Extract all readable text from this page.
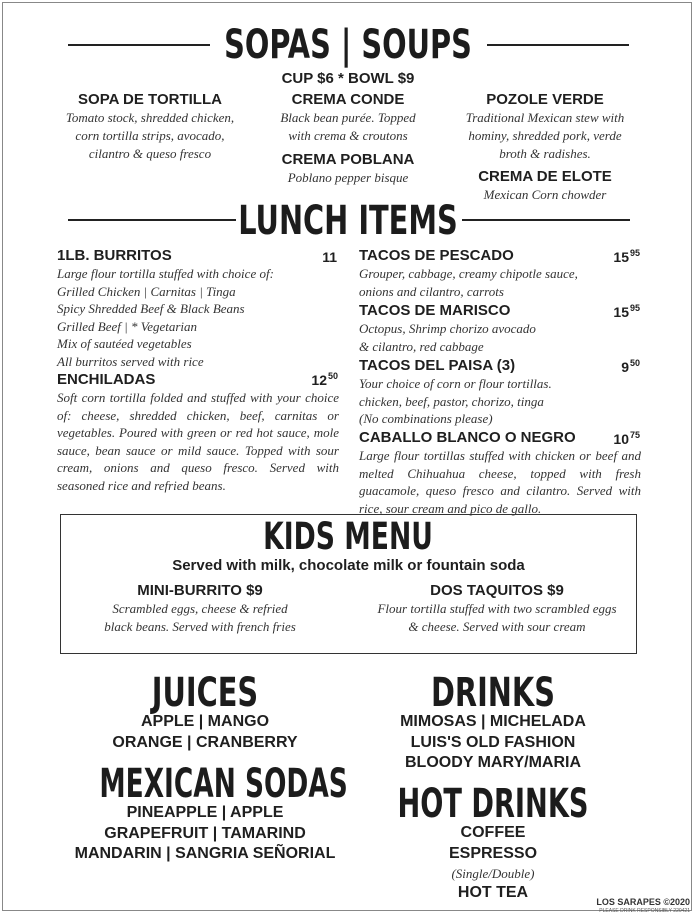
SOPAS | SOUPS
CUP $6 * BOWL $9
SOPA DE TORTILLA
Tomato stock, shredded chicken, corn tortilla strips, avocado, cilantro & queso fresco
CREMA CONDE
Black bean purée. Topped with crema & croutons
CREMA POBLANA
Poblano pepper bisque
POZOLE VERDE
Traditional Mexican stew with hominy, shredded pork, verde broth & radishes.
CREMA DE ELOTE
Mexican Corn chowder
LUNCH ITEMS
1LB. BURRITOS	11
Large flour tortilla stuffed with choice of:
Grilled Chicken | Carnitas | Tinga
Spicy Shredded Beef & Black Beans
Grilled Beef | * Vegetarian
Mix of sautéed vegetables
All burritos served with rice
ENCHILADAS	$12^{50}$
Soft corn tortilla folded and stuffed with your choice of: cheese, shredded chicken, beef, carnitas or vegetables. Poured with green or red hot sauce, mole sauce, bean sauce or mild sauce. Topped with sour cream, onions and queso fresco. Served with seasoned rice and refried beans.
TACOS DE PESCADO	$15^{95}$
Grouper, cabbage, creamy chipotle sauce,
onions and cilantro, carrots
TACOS DE MARISCO	$15^{95}$
Octopus, Shrimp chorizo avocado
& cilantro, red cabbage
TACOS DEL PAISA (3)	$9^{50}$
Your choice of corn or flour tortillas.
chicken, beef, pastor, chorizo, tinga
(No combinations please)
CABALLO BLANCO O NEGRO	$10^{75}$
Large flour tortillas stuffed with chicken or beef and melted Chihuahua cheese, topped with fresh guacamole, queso fresco and cilantro. Served with rice, sour cream and pico de gallo.
KIDS MENU
Served with milk, chocolate milk or fountain soda
MINI-BURRITO $9
Scrambled eggs, cheese & refried
black beans. Served with french fries
DOS TAQUITOS $9
Flour tortilla stuffed with two scrambled eggs
& cheese. Served with sour cream
JUICES
APPLE | MANGO
ORANGE | CRANBERRY
MEXICAN SODAS
PINEAPPLE | APPLE
GRAPEFRUIT | TAMARIND
MANDARIN | SANGRIA SEÑORIAL
DRINKS
MIMOSAS | MICHELADA
LUIS'S OLD FASHION
BLOODY MARY/MARIA
HOT DRINKS
COFFEE
ESPRESSO
(Single/Double)
HOT TEA
LOS SARAPES ©2020
PLEASE DRINK RESPONSIBLY 220421
